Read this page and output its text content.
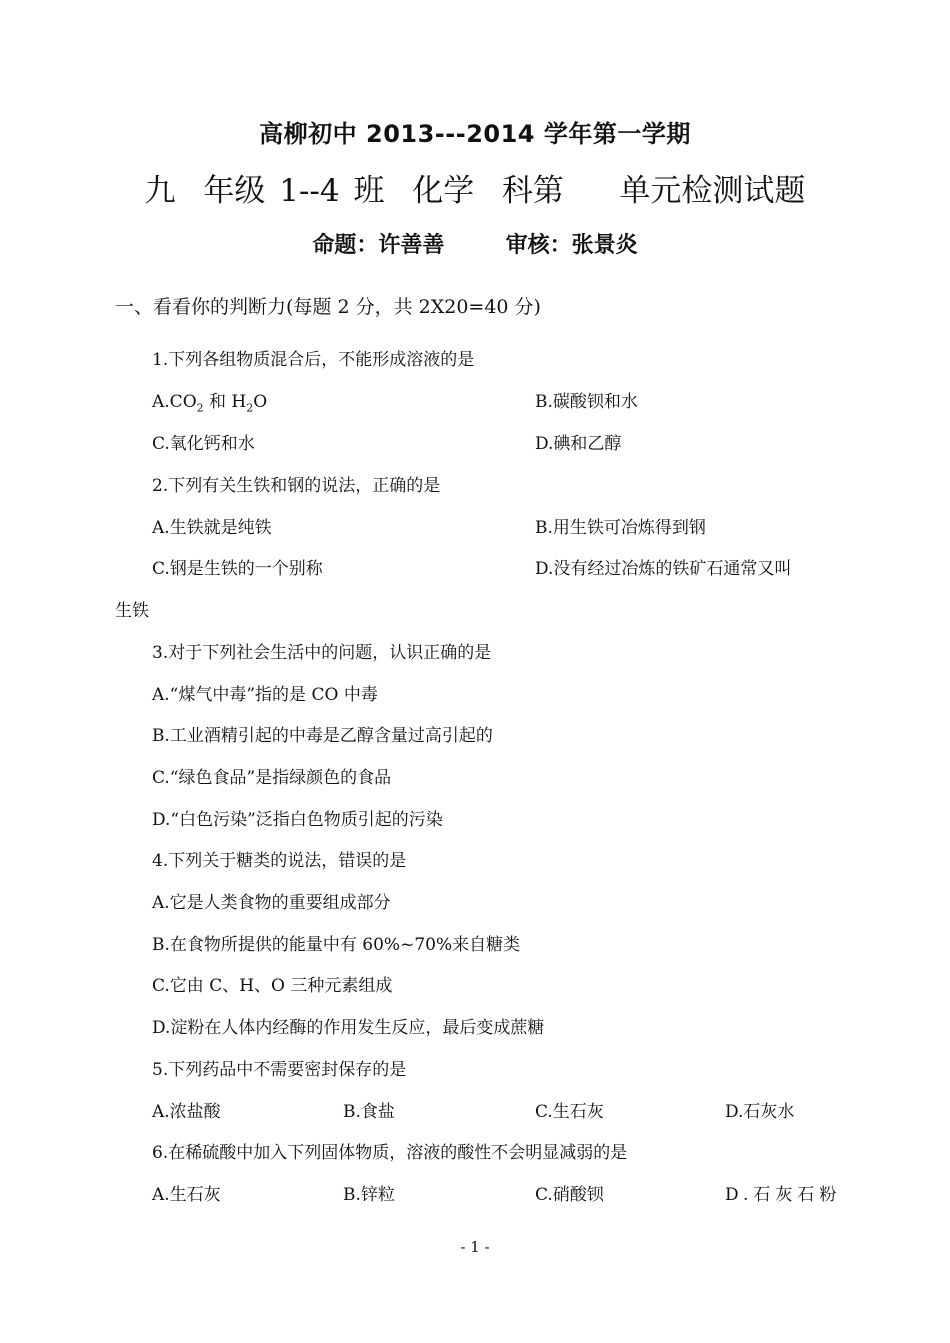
高柳初中 2013---2014 学年第一学期
九  年级 1--4 班  化学  科第    单元检测试题
命题：许善善        审核：张景炎
一、看看你的判断力(每题 2 分，共 2X20=40 分)
1.下列各组物质混合后，不能形成溶液的是
$A.CO_2$ 和 $H_2O$	B.碳酸钡和水
C.氧化钙和水	D.碘和乙醇
2.下列有关生铁和钢的说法，正确的是
A.生铁就是纯铁	B.用生铁可冶炼得到钢
C.钢是生铁的一个别称	D.没有经过冶炼的铁矿石通常又叫
生铁
3.对于下列社会生活中的问题，认识正确的是
A.“煤气中毒”指的是 CO 中毒
B.工业酒精引起的中毒是乙醇含量过高引起的
C.“绿色食品”是指绿颜色的食品
D.“白色污染”泛指白色物质引起的污染
4.下列关于糖类的说法，错误的是
A.它是人类食物的重要组成部分
B.在食物所提供的能量中有 60%~70%来自糖类
C.它由 C、H、O 三种元素组成
D.淀粉在人体内经酶的作用发生反应，最后变成蔗糖
5.下列药品中不需要密封保存的是
A.浓盐酸	B.食盐	C.生石灰	D.石灰水
6.在稀硫酸中加入下列固体物质，溶液的酸性不会明显减弱的是
A.生石灰	B.锌粒	C.硝酸钡	D.石灰石粉
- 1 -
